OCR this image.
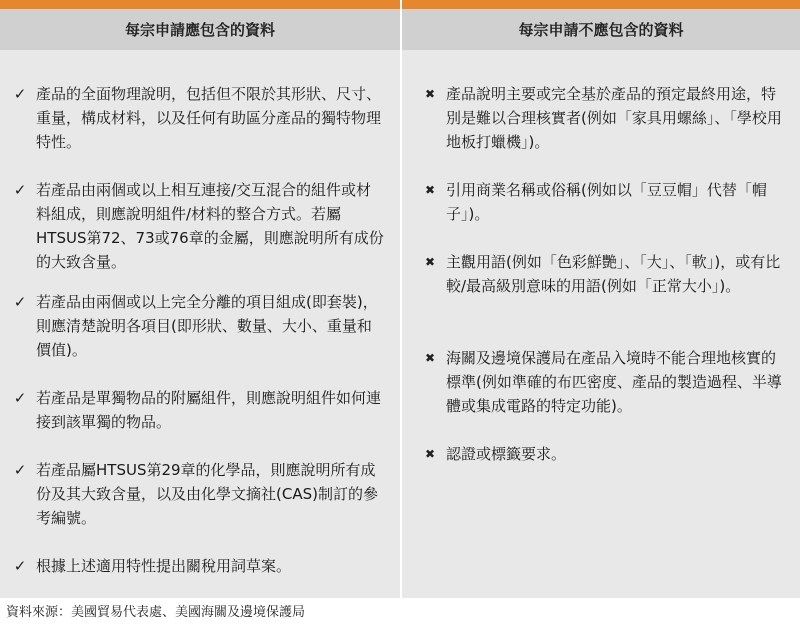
每宗申請應包含的資料
✓ 產品的全面物理說明，包括但不限於其形狀、尺寸、重量，構成材料，以及任何有助區分產品的獨特物理特性。
✓ 若產品由兩個或以上相互連接/交互混合的組件或材料組成，則應說明組件/材料的整合方式。若屬HTSUS第72、73或76章的金屬，則應說明所有成份的大致含量。
✓ 若產品由兩個或以上完全分離的項目組成(即套裝)，則應清楚說明各項目(即形狀、數量、大小、重量和價值)。
✓ 若產品是單獨物品的附屬組件，則應說明組件如何連接到該單獨的物品。
✓ 若產品屬HTSUS第29章的化學品，則應說明所有成份及其大致含量，以及由化學文摘社(CAS)制訂的參考編號。
✓ 根據上述適用特性提出關稅用詞草案。
每宗申請不應包含的資料
✖ 產品說明主要或完全基於產品的預定最終用途，特別是難以合理核實者(例如「家具用螺絲」、「學校用地板打蠟機」)。
✖ 引用商業名稱或俗稱(例如以「豆豆帽」代替「帽子」)。
✖ 主觀用語(例如「色彩鮮艷」、「大」、「軟」)，或有比較/最高級別意味的用語(例如「正常大小」)。
✖ 海關及邊境保護局在產品入境時不能合理地核實的標準(例如準確的布匹密度、產品的製造過程、半導體或集成電路的特定功能)。
✖ 認證或標籤要求。
資料來源：美國貿易代表處、美國海關及邊境保護局
